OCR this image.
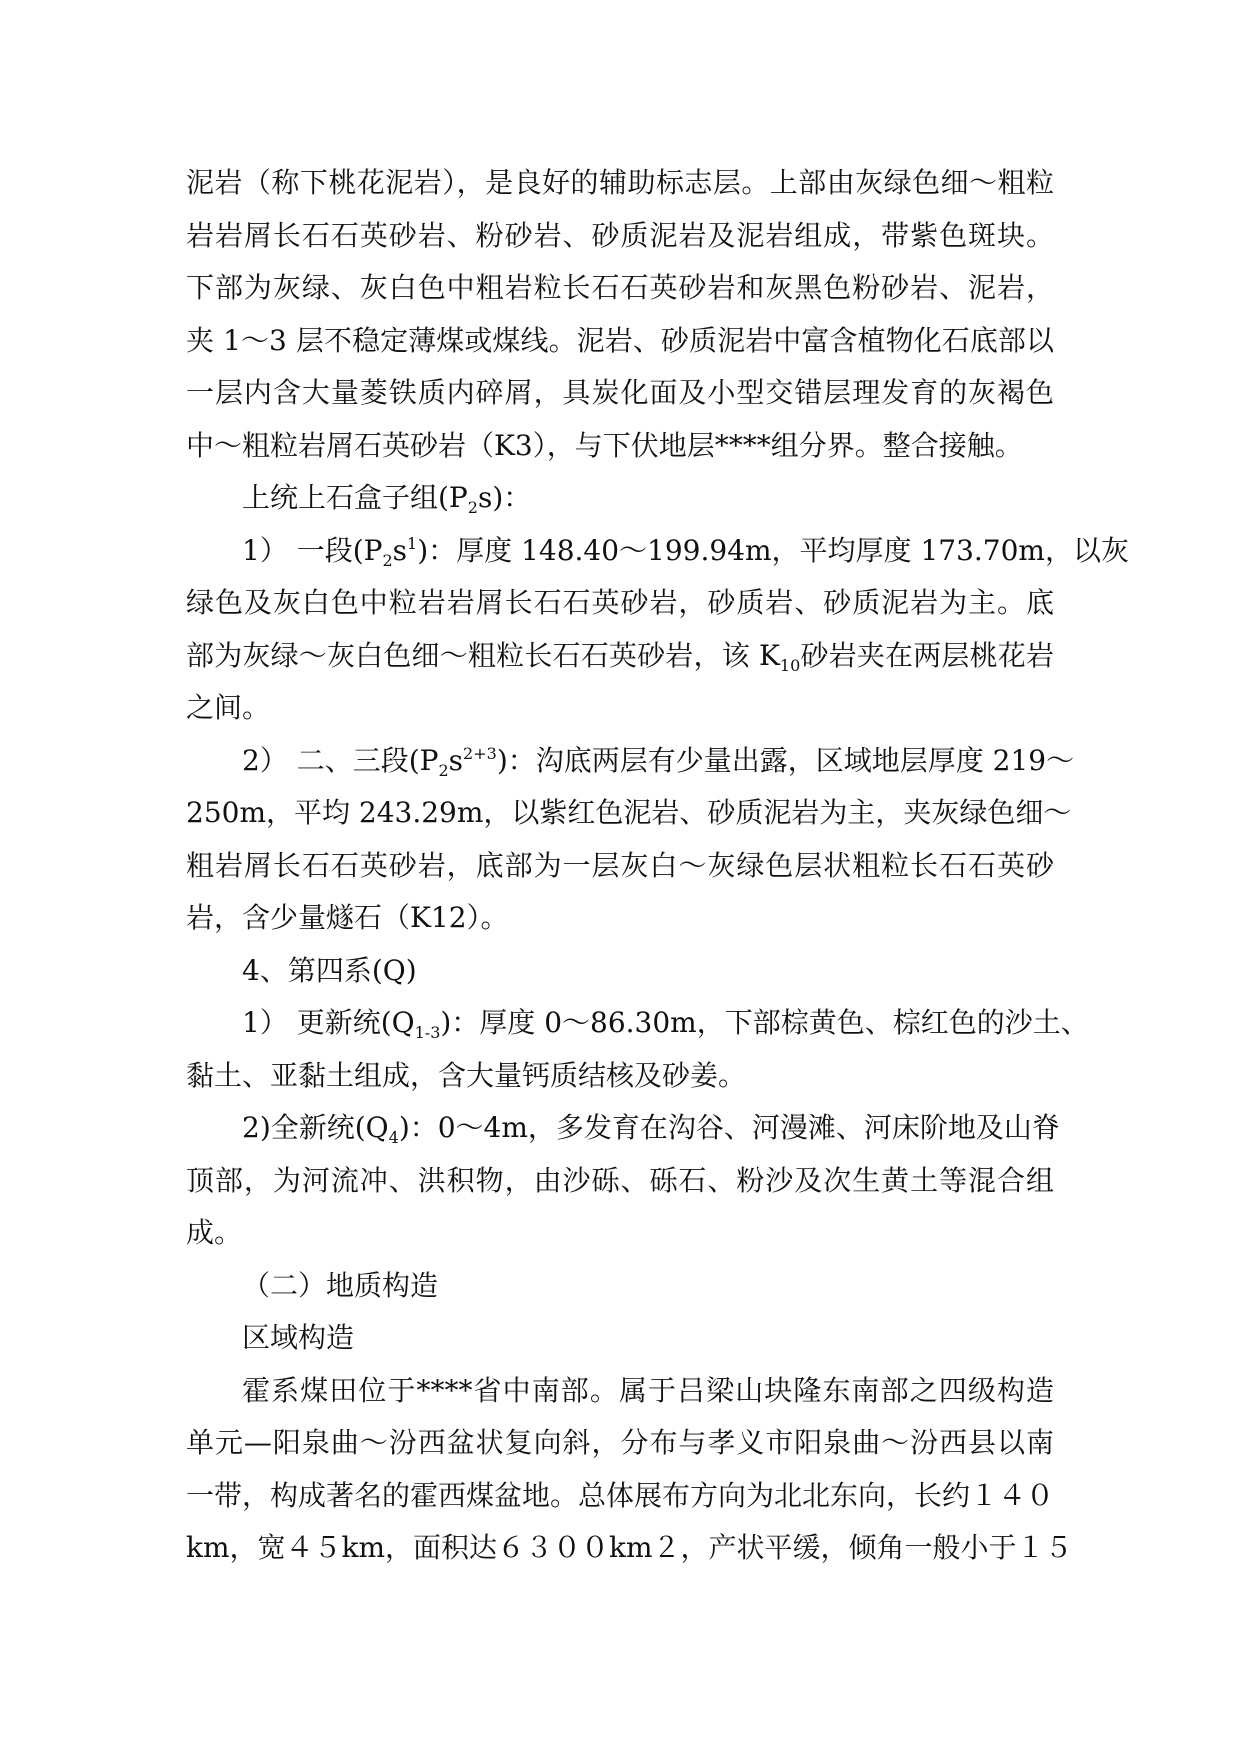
泥岩（称下桃花泥岩），是良好的辅助标志层。上部由灰绿色细～粗粒
岩岩屑长石石英砂岩、粉砂岩、砂质泥岩及泥岩组成，带紫色斑块。
下部为灰绿、灰白色中粗岩粒长石石英砂岩和灰黑色粉砂岩、泥岩，
夹 1～3 层不稳定薄煤或煤线。泥岩、砂质泥岩中富含植物化石底部以
一层内含大量菱铁质内碎屑，具炭化面及小型交错层理发育的灰褐色
中～粗粒岩屑石英砂岩（K3），与下伏地层****组分界。整合接触。
上统上石盒子组$(P_2s)$：
1） 一段$(P_2s^1)$：厚度 148.40～199.94m，平均厚度 173.70m，以灰
绿色及灰白色中粒岩岩屑长石石英砂岩，砂质岩、砂质泥岩为主。底
部为灰绿～灰白色细～粗粒长石石英砂岩，该 $K_{10}$砂岩夹在两层桃花岩
之间。
2） 二、三段$(P_2s^{2+3})$：沟底两层有少量出露，区域地层厚度 219～
250m，平均 243.29m，以紫红色泥岩、砂质泥岩为主，夹灰绿色细～
粗岩屑长石石英砂岩，底部为一层灰白～灰绿色层状粗粒长石石英砂
岩，含少量燧石（K12）。
4、第四系(Q)
1） 更新统$(Q_{1-3})$：厚度 0～86.30m，下部棕黄色、棕红色的沙土、
黏土、亚黏土组成，含大量钙质结核及砂姜。
2)全新统$(Q_4)$：0～4m，多发育在沟谷、河漫滩、河床阶地及山脊
顶部，为河流冲、洪积物，由沙砾、砾石、粉沙及次生黄土等混合组
成。
（二）地质构造
区域构造
霍系煤田位于****省中南部。属于吕梁山块隆东南部之四级构造
单元—阳泉曲～汾西盆状复向斜，分布与孝义市阳泉曲～汾西县以南
一带，构成著名的霍西煤盆地。总体展布方向为北北东向，长约１４０
km，宽４５km，面积达６３００km２，产状平缓，倾角一般小于１５
